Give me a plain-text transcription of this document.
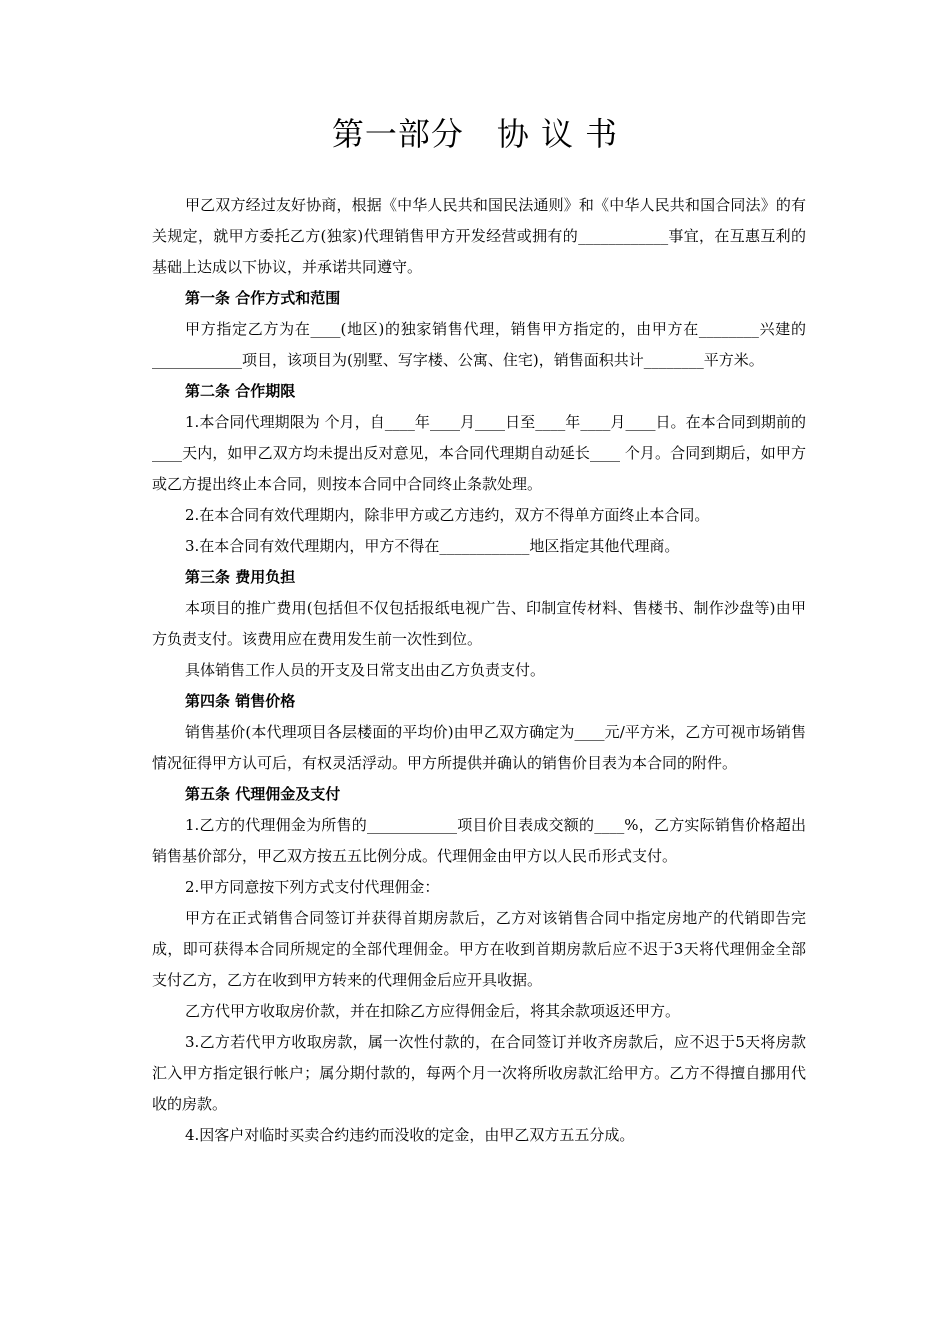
第一部分　协 议 书

甲乙双方经过友好协商，根据《中华人民共和国民法通则》和《中华人民共和国合同法》的有关规定，就甲方委托乙方(独家)代理销售甲方开发经营或拥有的____________事宜，在互惠互利的基础上达成以下协议，并承诺共同遵守。

第一条 合作方式和范围

甲方指定乙方为在____(地区)的独家销售代理，销售甲方指定的，由甲方在________兴建的____________项目，该项目为(别墅、写字楼、公寓、住宅)，销售面积共计________平方米。

第二条 合作期限

1.本合同代理期限为 个月，自____年____月____日至____年____月____日。在本合同到期前的____天内，如甲乙双方均未提出反对意见，本合同代理期自动延长____ 个月。合同到期后，如甲方或乙方提出终止本合同，则按本合同中合同终止条款处理。

2.在本合同有效代理期内，除非甲方或乙方违约，双方不得单方面终止本合同。

3.在本合同有效代理期内，甲方不得在____________地区指定其他代理商。

第三条 费用负担

本项目的推广费用(包括但不仅包括报纸电视广告、印制宣传材料、售楼书、制作沙盘等)由甲方负责支付。该费用应在费用发生前一次性到位。

具体销售工作人员的开支及日常支出由乙方负责支付。

第四条 销售价格

销售基价(本代理项目各层楼面的平均价)由甲乙双方确定为____元/平方米，乙方可视市场销售情况征得甲方认可后，有权灵活浮动。甲方所提供并确认的销售价目表为本合同的附件。

第五条 代理佣金及支付

1.乙方的代理佣金为所售的____________项目价目表成交额的____%，乙方实际销售价格超出销售基价部分，甲乙双方按五五比例分成。代理佣金由甲方以人民币形式支付。

2.甲方同意按下列方式支付代理佣金：

甲方在正式销售合同签订并获得首期房款后，乙方对该销售合同中指定房地产的代销即告完成，即可获得本合同所规定的全部代理佣金。甲方在收到首期房款后应不迟于3天将代理佣金全部支付乙方，乙方在收到甲方转来的代理佣金后应开具收据。

乙方代甲方收取房价款，并在扣除乙方应得佣金后，将其余款项返还甲方。

3.乙方若代甲方收取房款，属一次性付款的，在合同签订并收齐房款后，应不迟于5天将房款汇入甲方指定银行帐户；属分期付款的，每两个月一次将所收房款汇给甲方。乙方不得擅自挪用代收的房款。

4.因客户对临时买卖合约违约而没收的定金，由甲乙双方五五分成。
